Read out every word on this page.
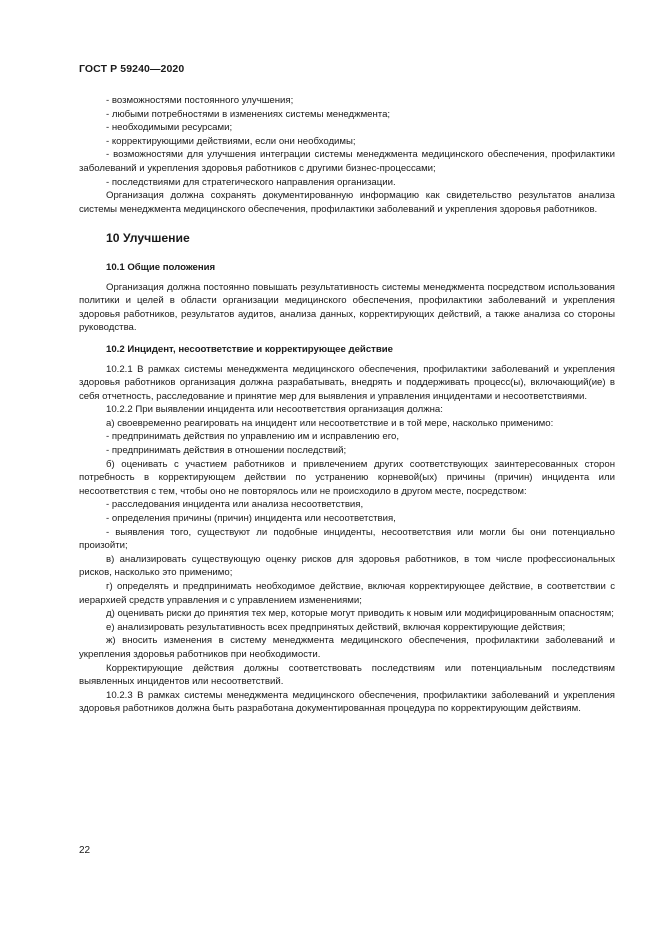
ГОСТ Р 59240—2020

- возможностями постоянного улучшения;

- любыми потребностями в изменениях системы менеджмента;

- необходимыми ресурсами;

- корректирующими действиями, если они необходимы;

- возможностями для улучшения интеграции системы менеджмента медицинского обеспечения, профилактики заболеваний и укрепления здоровья работников с другими бизнес-процессами;

- последствиями для стратегического направления организации.

Организация должна сохранять документированную информацию как свидетельство результатов анализа системы менеджмента медицинского обеспечения, профилактики заболеваний и укрепления здоровья работников.

10 Улучшение
10.1 Общие положения

Организация должна постоянно повышать результативность системы менеджмента посредством использования политики и целей в области организации медицинского обеспечения, профилактики заболеваний и укрепления здоровья работников, результатов аудитов, анализа данных, корректирующих действий, а также анализа со стороны руководства.

10.2 Инцидент, несоответствие и корректирующее действие

10.2.1 В рамках системы менеджмента медицинского обеспечения, профилактики заболеваний и укрепления здоровья работников организация должна разрабатывать, внедрять и поддерживать процесс(ы), включающий(ие) в себя отчетность, расследование и принятие мер для выявления и управления инцидентами и несоответствиями.

10.2.2 При выявлении инцидента или несоответствия организация должна:

а) своевременно реагировать на инцидент или несоответствие и в той мере, насколько применимо:

- предпринимать действия по управлению им и исправлению его,

- предпринимать действия в отношении последствий;

б) оценивать с участием работников и привлечением других соответствующих заинтересованных сторон потребность в корректирующем действии по устранению корневой(ых) причины (причин) инцидента или несоответствия с тем, чтобы оно не повторялось или не происходило в другом месте, посредством:

- расследования инцидента или анализа несоответствия,

- определения причины (причин) инцидента или несоответствия,

- выявления того, существуют ли подобные инциденты, несоответствия или могли бы они потенциально произойти;

в) анализировать существующую оценку рисков для здоровья работников, в том числе профессиональных рисков, насколько это применимо;

г) определять и предпринимать необходимое действие, включая корректирующее действие, в соответствии с иерархией средств управления и с управлением изменениями;

д) оценивать риски до принятия тех мер, которые могут приводить к новым или модифицированным опасностям;

е) анализировать результативность всех предпринятых действий, включая корректирующие действия;

ж) вносить изменения в систему менеджмента медицинского обеспечения, профилактики заболеваний и укрепления здоровья работников при необходимости.

Корректирующие действия должны соответствовать последствиям или потенциальным последствиям выявленных инцидентов или несоответствий.

10.2.3 В рамках системы менеджмента медицинского обеспечения, профилактики заболеваний и укрепления здоровья работников должна быть разработана документированная процедура по корректирующим действиям.

22
